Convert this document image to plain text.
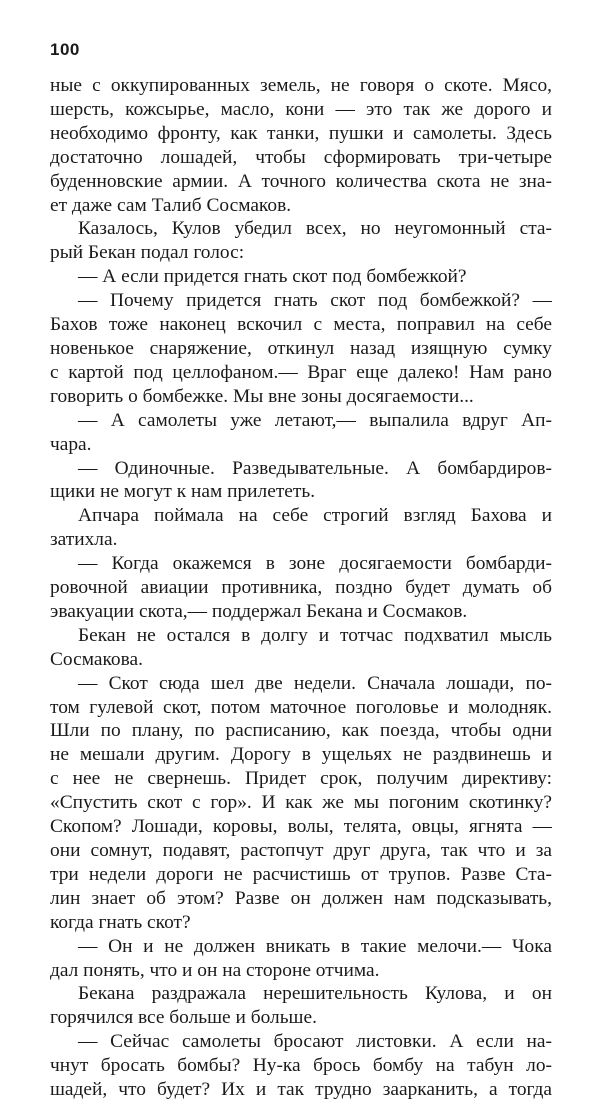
100
ные с оккупированных земель, не говоря о скоте. Мясо,
шерсть, кожсырье, масло, кони — это так же дорого и
необходимо фронту, как танки, пушки и самолеты. Здесь
достаточно лошадей, чтобы сформировать три-четыре
буденновские армии. А точного количества скота не зна-
ет даже сам Талиб Сосмаков.
Казалось, Кулов убедил всех, но неугомонный ста-
рый Бекан подал голос:
— А если придется гнать скот под бомбежкой?
— Почему придется гнать скот под бомбежкой? —
Бахов тоже наконец вскочил с места, поправил на себе
новенькое снаряжение, откинул назад изящную сумку
с картой под целлофаном.— Враг еще далеко! Нам рано
говорить о бомбежке. Мы вне зоны досягаемости...
— А самолеты уже летают,— выпалила вдруг Ап-
чара.
— Одиночные. Разведывательные. А бомбардиров-
щики не могут к нам прилететь.
Апчара поймала на себе строгий взгляд Бахова и
затихла.
— Когда окажемся в зоне досягаемости бомбарди-
ровочной авиации противника, поздно будет думать об
эвакуации скота,— поддержал Бекана и Сосмаков.
Бекан не остался в долгу и тотчас подхватил мысль
Сосмакова.
— Скот сюда шел две недели. Сначала лошади, по-
том гулевой скот, потом маточное поголовье и молодняк.
Шли по плану, по расписанию, как поезда, чтобы одни
не мешали другим. Дорогу в ущельях не раздвинешь и
с нее не свернешь. Придет срок, получим директиву:
«Спустить скот с гор». И как же мы погоним скотинку?
Скопом? Лошади, коровы, волы, телята, овцы, ягнята —
они сомнут, подавят, растопчут друг друга, так что и за
три недели дороги не расчистишь от трупов. Разве Ста-
лин знает об этом? Разве он должен нам подсказывать,
когда гнать скот?
— Он и не должен вникать в такие мелочи.— Чока
дал понять, что и он на стороне отчима.
Бекана раздражала нерешительность Кулова, и он
горячился все больше и больше.
— Сейчас самолеты бросают листовки. А если на-
чнут бросать бомбы? Ну-ка брось бомбу на табун ло-
шадей, что будет? Их и так трудно заарканить, а тогда
